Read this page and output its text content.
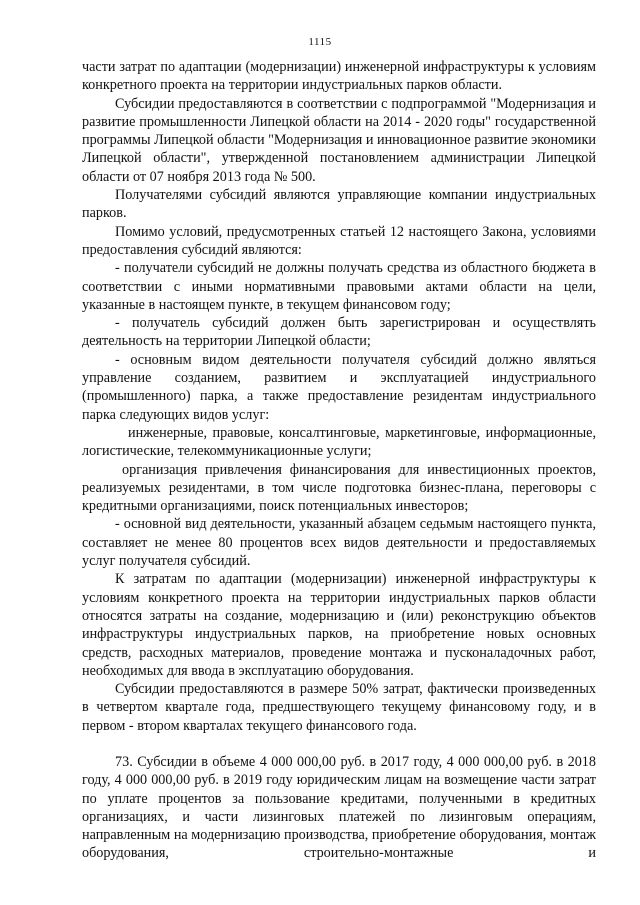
1115

части затрат по адаптации (модернизации) инженерной инфраструктуры к условиям конкретного проекта на территории индустриальных парков области.

Субсидии предоставляются в соответствии с подпрограммой "Модернизация и развитие промышленности Липецкой области на 2014 - 2020 годы" государственной программы Липецкой области "Модернизация и инновационное развитие экономики Липецкой области", утвержденной постановлением администрации Липецкой области от 07 ноября 2013 года № 500.

Получателями субсидий являются управляющие компании индустриальных парков.

Помимо условий, предусмотренных статьей 12 настоящего Закона, условиями предоставления субсидий являются:

- получатели субсидий не должны получать средства из областного бюджета в соответствии с иными нормативными правовыми актами области на цели, указанные в настоящем пункте, в текущем финансовом году;

- получатель субсидий должен быть зарегистрирован и осуществлять деятельность на территории Липецкой области;

- основным видом деятельности получателя субсидий должно являться управление созданием, развитием и эксплуатацией индустриального (промышленного) парка, а также предоставление резидентам индустриального парка следующих видов услуг:

инженерные, правовые, консалтинговые, маркетинговые, информационные, логистические, телекоммуникационные услуги;

организация привлечения финансирования для инвестиционных проектов, реализуемых резидентами, в том числе подготовка бизнес-плана, переговоры с кредитными организациями, поиск потенциальных инвесторов;

- основной вид деятельности, указанный абзацем седьмым настоящего пункта, составляет не менее 80 процентов всех видов деятельности и предоставляемых услуг получателя субсидий.

К затратам по адаптации (модернизации) инженерной инфраструктуры к условиям конкретного проекта на территории индустриальных парков области относятся затраты на создание, модернизацию и (или) реконструкцию объектов инфраструктуры индустриальных парков, на приобретение новых основных средств, расходных материалов, проведение монтажа и пусконаладочных работ, необходимых для ввода в эксплуатацию оборудования.

Субсидии предоставляются в размере 50% затрат, фактически произведенных в четвертом квартале года, предшествующего текущему финансовому году, и в первом - втором кварталах текущего финансового года.

73. Субсидии в объеме 4 000 000,00 руб. в 2017 году, 4 000 000,00 руб. в 2018 году, 4 000 000,00 руб. в 2019 году юридическим лицам на возмещение части затрат по уплате процентов за пользование кредитами, полученными в кредитных организациях, и части лизинговых платежей по лизинговым операциям, направленным на модернизацию производства, приобретение оборудования, монтаж оборудования, строительно-монтажные и
